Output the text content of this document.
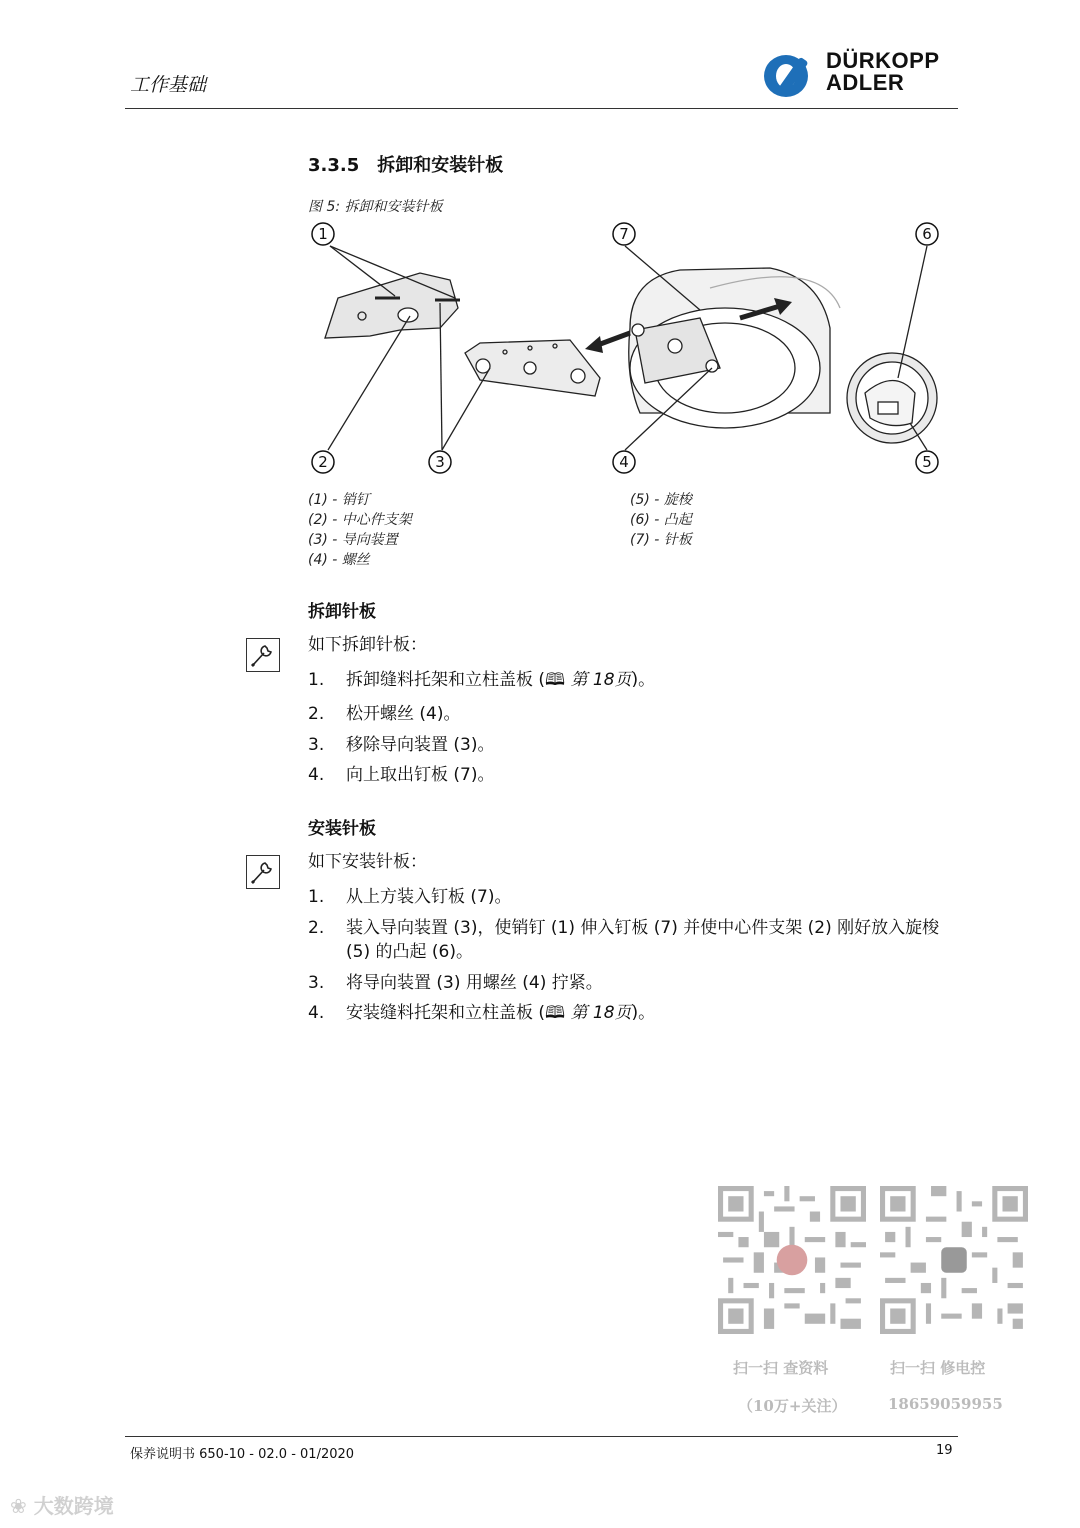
工作基础
DÜRKOPP
ADLER
3.3.5 拆卸和安装针板
图 5: 拆卸和安装针板
1
2	3	4	5
6
7
(1) - 销钉
(2) - 中心件支架
(3) - 导向装置
(4) - 螺丝
(5) - 旋梭
(6) - 凸起
(7) - 针板
拆卸针板
如下拆卸针板：
1. 拆卸缝料托架和立柱盖板 (🕮 第 18页)。
2. 松开螺丝 (4)。
3. 移除导向装置 (3)。
4. 向上取出钉板 (7)。
安装针板
如下安装针板：
1. 从上方装入钉板 (7)。
2. 装入导向装置 (3)，使销钉 (1) 伸入钉板 (7) 并使中心件支架 (2) 刚好放入旋梭 (5) 的凸起 (6)。
3. 将导向装置 (3) 用螺丝 (4) 拧紧。
4. 安装缝料托架和立柱盖板 (🕮 第 18页)。
扫一扫 查资料
（10万+关注）
扫一扫 修电控
18659059955
保养说明书 650-10 - 02.0 - 01/2020	19
❀ 大数跨境
